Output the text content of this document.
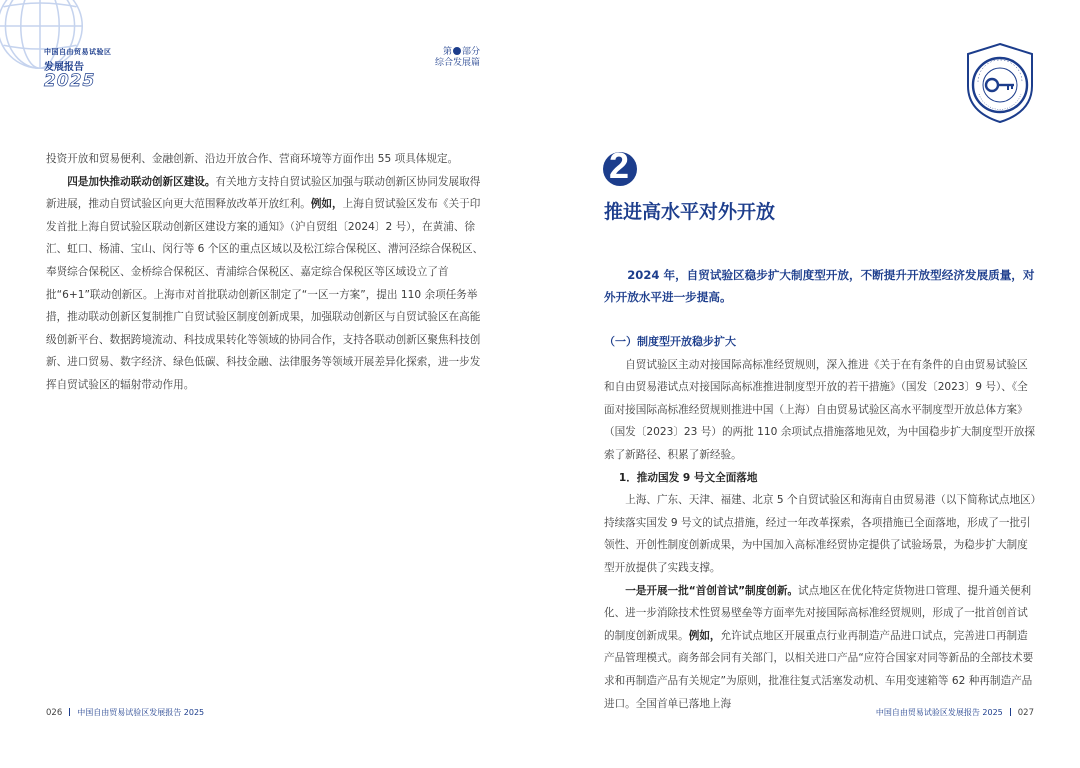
中国自由贸易试验区
发展报告
2025
第 部分
综合发展篇

投资开放和贸易便利、金融创新、沿边开放合作、营商环境等方面作出 55 项具体规定。

四是加快推动联动创新区建设。有关地方支持自贸试验区加强与联动创新区协同发展取得新进展，推动自贸试验区向更大范围释放改革开放红利。例如，上海自贸试验区发布《关于印发首批上海自贸试验区联动创新区建设方案的通知》（沪自贸组〔2024〕2 号），在黄浦、徐汇、虹口、杨浦、宝山、闵行等 6 个区的重点区域以及松江综合保税区、漕河泾综合保税区、奉贤综合保税区、金桥综合保税区、青浦综合保税区、嘉定综合保税区等区域设立了首批“6+1”联动创新区。上海市对首批联动创新区制定了“一区一方案”，提出 110 余项任务举措，推动联动创新区复制推广自贸试验区制度创新成果，加强联动创新区与自贸试验区在高能级创新平台、数据跨境流动、科技成果转化等领域的协同合作，支持各联动创新区聚焦科技创新、进口贸易、数字经济、绿色低碳、科技金融、法律服务等领域开展差异化探索，进一步发挥自贸试验区的辐射带动作用。

2
推进高水平对外开放
2024 年，自贸试验区稳步扩大制度型开放，不断提升开放型经济发展质量，对外开放水平进一步提高。

（一）制度型开放稳步扩大

自贸试验区主动对接国际高标准经贸规则，深入推进《关于在有条件的自由贸易试验区和自由贸易港试点对接国际高标准推进制度型开放的若干措施》（国发〔2023〕9 号）、《全面对接国际高标准经贸规则推进中国（上海）自由贸易试验区高水平制度型开放总体方案》（国发〔2023〕23 号）的两批 110 余项试点措施落地见效，为中国稳步扩大制度型开放探索了新路径、积累了新经验。

1．推动国发 9 号文全面落地

上海、广东、天津、福建、北京 5 个自贸试验区和海南自由贸易港（以下简称试点地区）持续落实国发 9 号文的试点措施，经过一年改革探索，各项措施已全面落地，形成了一批引领性、开创性制度创新成果，为中国加入高标准经贸协定提供了试验场景，为稳步扩大制度型开放提供了实践支撑。

一是开展一批“首创首试”制度创新。试点地区在优化特定货物进口管理、提升通关便利化、进一步消除技术性贸易壁垒等方面率先对接国际高标准经贸规则，形成了一批首创首试的制度创新成果。例如，允许试点地区开展重点行业再制造产品进口试点，完善进口再制造产品管理模式。商务部会同有关部门，以相关进口产品“应符合国家对同等新品的全部技术要求和再制造产品有关规定”为原则，批准往复式活塞发动机、车用变速箱等 62 种再制造产品进口。全国首单已落地上海

026 中国自由贸易试验区发展报告 2025	中国自由贸易试验区发展报告 2025 027
